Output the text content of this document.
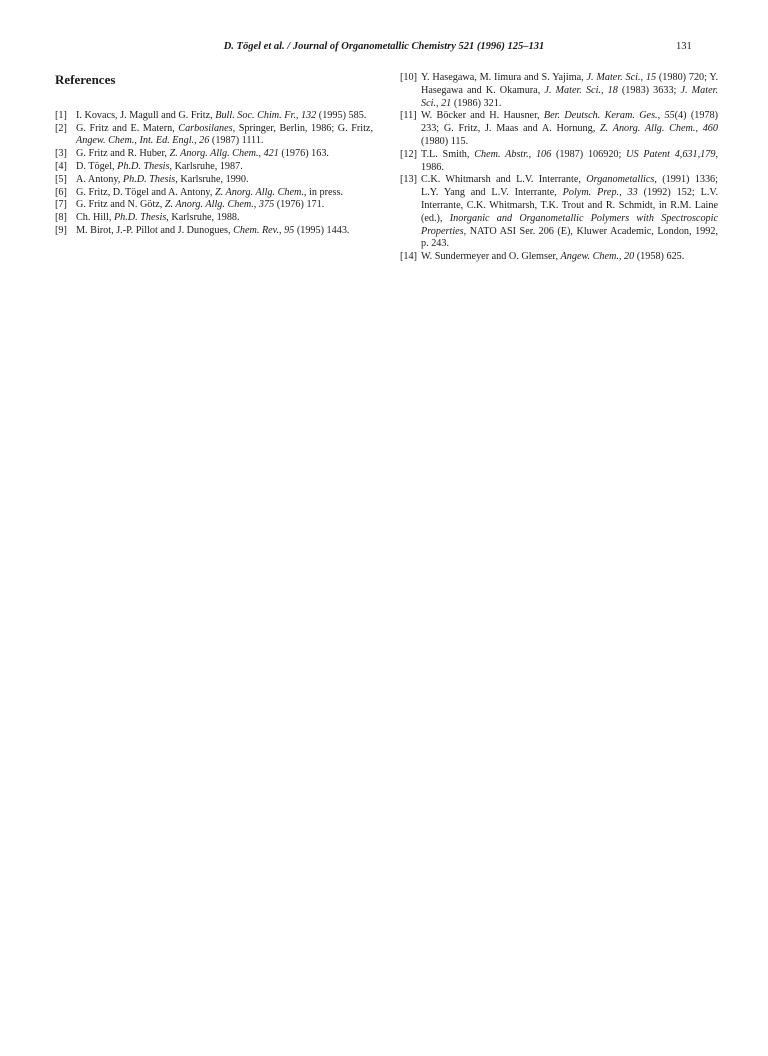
D. Tögel et al. / Journal of Organometallic Chemistry 521 (1996) 125–131	131
References

[1] I. Kovacs, J. Magull and G. Fritz, Bull. Soc. Chim. Fr., 132 (1995) 585.

[2] G. Fritz and E. Matern, Carbosilanes, Springer, Berlin, 1986; G. Fritz, Angew. Chem., Int. Ed. Engl., 26 (1987) 1111.

[3] G. Fritz and R. Huber, Z. Anorg. Allg. Chem., 421 (1976) 163.

[4] D. Tögel, Ph.D. Thesis, Karlsruhe, 1987.

[5] A. Antony, Ph.D. Thesis, Karlsruhe, 1990.

[6] G. Fritz, D. Tögel and A. Antony, Z. Anorg. Allg. Chem., in press.

[7] G. Fritz and N. Götz, Z. Anorg. Allg. Chem., 375 (1976) 171.

[8] Ch. Hill, Ph.D. Thesis, Karlsruhe, 1988.

[9] M. Birot, J.-P. Pillot and J. Dunogues, Chem. Rev., 95 (1995) 1443.

[10] Y. Hasegawa, M. Iimura and S. Yajima, J. Mater. Sci., 15 (1980) 720; Y. Hasegawa and K. Okamura, J. Mater. Sci., 18 (1983) 3633; J. Mater. Sci., 21 (1986) 321.

[11] W. Böcker and H. Hausner, Ber. Deutsch. Keram. Ges., 55(4) (1978) 233; G. Fritz, J. Maas and A. Hornung, Z. Anorg. Allg. Chem., 460 (1980) 115.

[12] T.L. Smith, Chem. Abstr., 106 (1987) 106920; US Patent 4,631,179, 1986.

[13] C.K. Whitmarsh and L.V. Interrante, Organometallics, (1991) 1336; L.Y. Yang and L.V. Interrante, Polym. Prep., 33 (1992) 152; L.V. Interrante, C.K. Whitmarsh, T.K. Trout and R. Schmidt, in R.M. Laine (ed.), Inorganic and Organometallic Polymers with Spectroscopic Properties, NATO ASI Ser. 206 (E), Kluwer Academic, London, 1992, p. 243.

[14] W. Sundermeyer and O. Glemser, Angew. Chem., 20 (1958) 625.
